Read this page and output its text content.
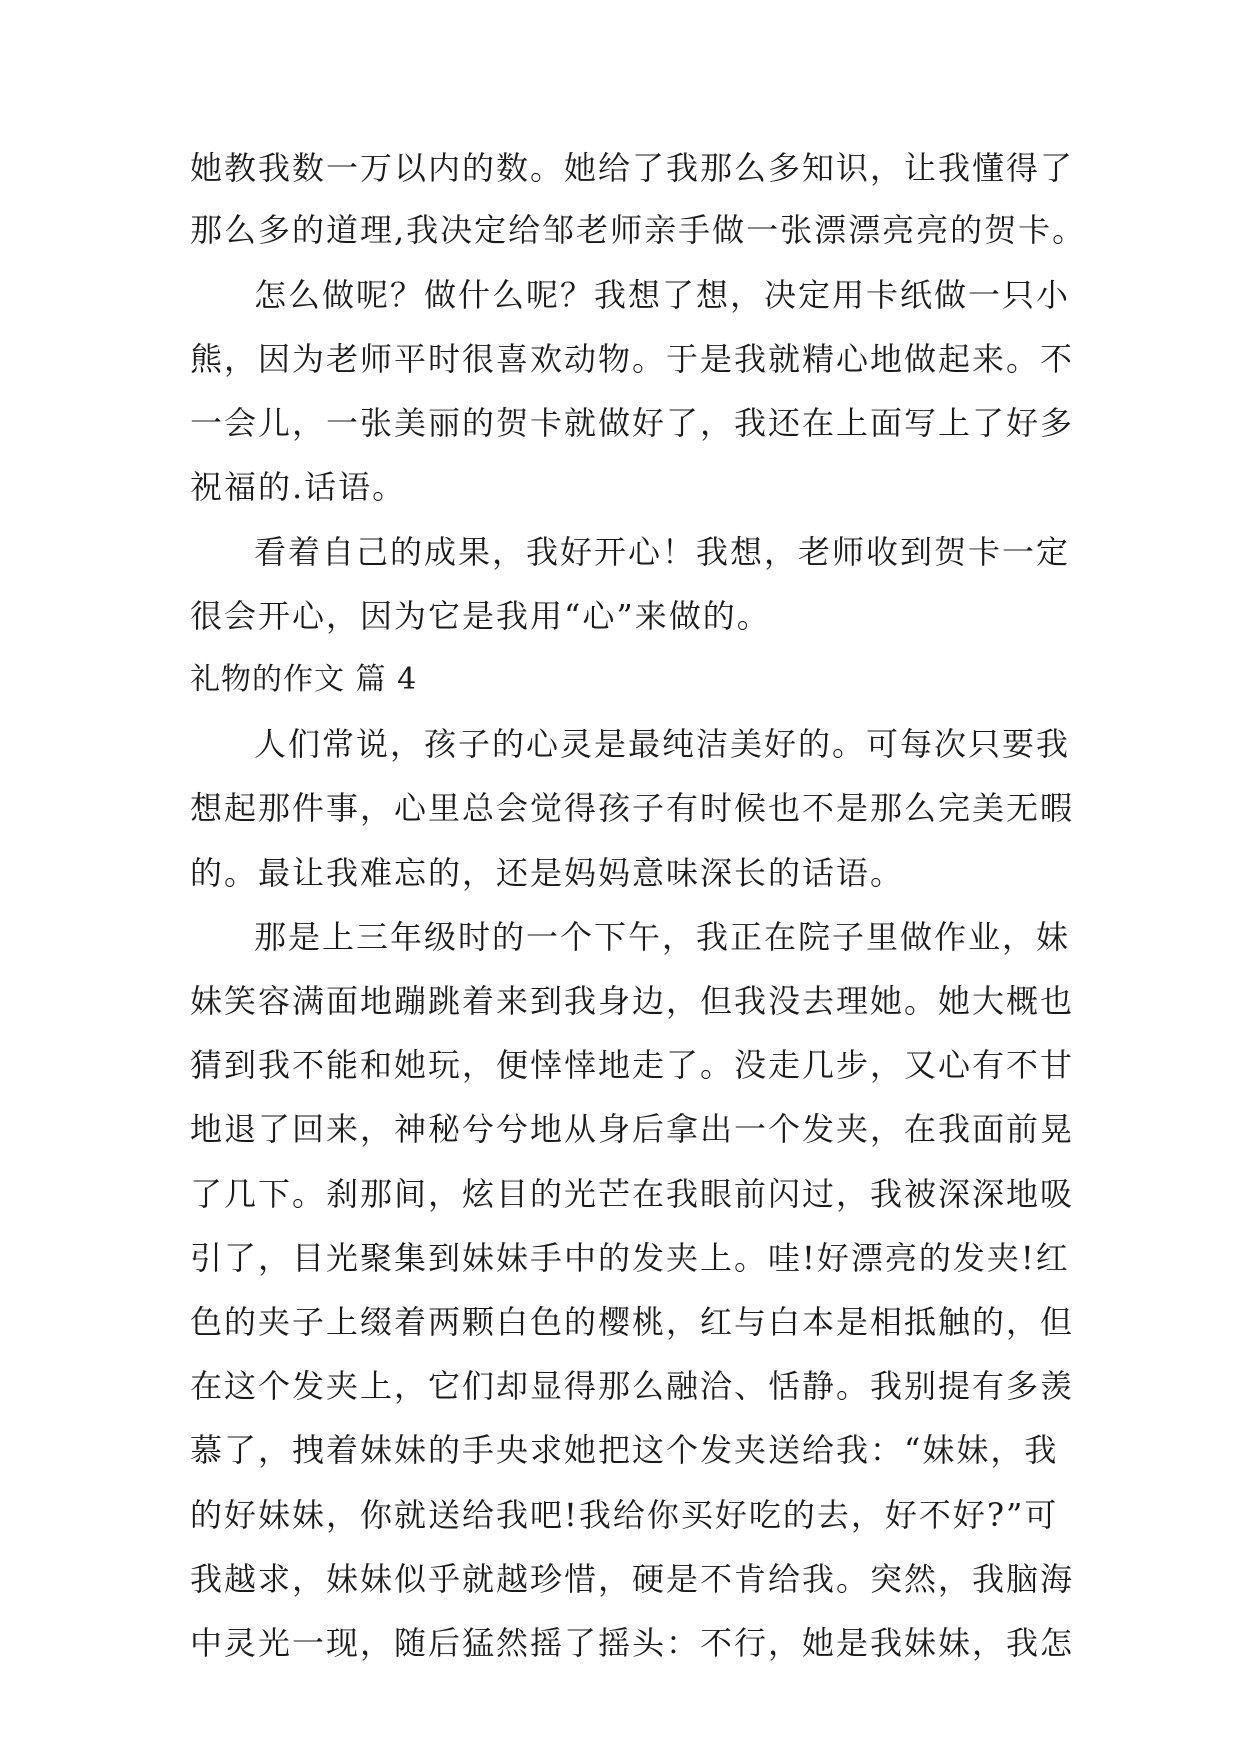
她教我数一万以内的数。她给了我那么多知识，让我懂得了
那么多的道理,我决定给邹老师亲手做一张漂漂亮亮的贺卡。
怎么做呢？做什么呢？我想了想，决定用卡纸做一只小
熊，因为老师平时很喜欢动物。于是我就精心地做起来。不
一会儿，一张美丽的贺卡就做好了，我还在上面写上了好多
祝福的.话语。
看着自己的成果，我好开心！我想，老师收到贺卡一定
很会开心，因为它是我用“心”来做的。
礼物的作文 篇 4
人们常说，孩子的心灵是最纯洁美好的。可每次只要我
想起那件事，心里总会觉得孩子有时候也不是那么完美无暇
的。最让我难忘的，还是妈妈意味深长的话语。
那是上三年级时的一个下午，我正在院子里做作业，妹
妹笑容满面地蹦跳着来到我身边，但我没去理她。她大概也
猜到我不能和她玩，便悻悻地走了。没走几步，又心有不甘
地退了回来，神秘兮兮地从身后拿出一个发夹，在我面前晃
了几下。刹那间，炫目的光芒在我眼前闪过，我被深深地吸
引了，目光聚集到妹妹手中的发夹上。哇!好漂亮的发夹!红
色的夹子上缀着两颗白色的樱桃，红与白本是相抵触的，但
在这个发夹上，它们却显得那么融洽、恬静。我别提有多羡
慕了，拽着妹妹的手央求她把这个发夹送给我：“妹妹，我
的好妹妹，你就送给我吧!我给你买好吃的去，好不好?”可
我越求，妹妹似乎就越珍惜，硬是不肯给我。突然，我脑海
中灵光一现，随后猛然摇了摇头：不行，她是我妹妹，我怎
